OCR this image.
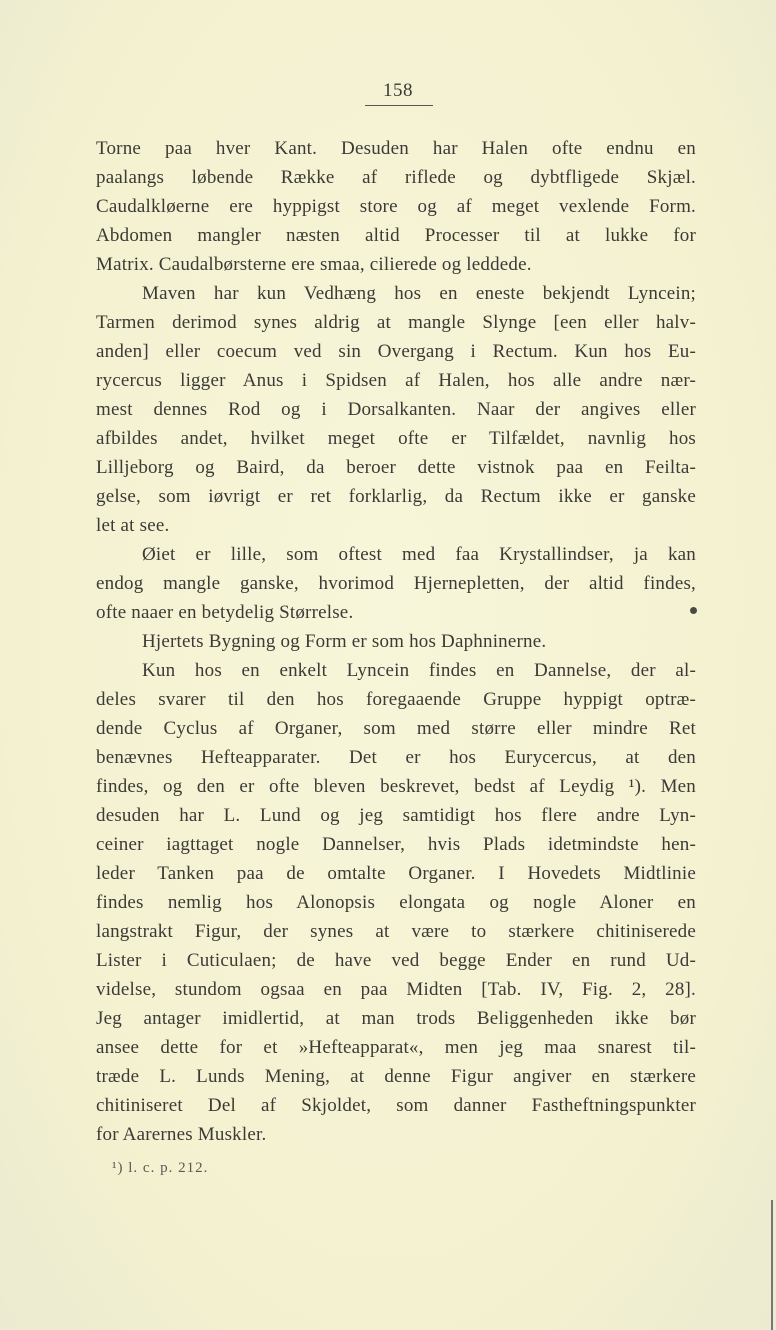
158
Torne paa hver Kant. Desuden har Halen ofte endnu en
paalangs løbende Række af riflede og dybtfligede Skjæl.
Caudalkløerne ere hyppigst store og af meget vexlende Form.
Abdomen mangler næsten altid Processer til at lukke for
Matrix. Caudalbørsterne ere smaa, cilierede og leddede.
Maven har kun Vedhæng hos en eneste bekjendt Lyncein;
Tarmen derimod synes aldrig at mangle Slynge [een eller halv-
anden] eller coecum ved sin Overgang i Rectum. Kun hos Eu-
rycercus ligger Anus i Spidsen af Halen, hos alle andre nær-
mest dennes Rod og i Dorsalkanten. Naar der angives eller
afbildes andet, hvilket meget ofte er Tilfældet, navnlig hos
Lilljeborg og Baird, da beroer dette vistnok paa en Feilta-
gelse, som iøvrigt er ret forklarlig, da Rectum ikke er ganske
let at see.
Øiet er lille, som oftest med faa Krystallindser, ja kan
endog mangle ganske, hvorimod Hjernepletten, der altid findes,
ofte naaer en betydelig Størrelse.
Hjertets Bygning og Form er som hos Daphninerne.
Kun hos en enkelt Lyncein findes en Dannelse, der al-
deles svarer til den hos foregaaende Gruppe hyppigt optræ-
dende Cyclus af Organer, som med større eller mindre Ret
benævnes Hefteapparater. Det er hos Eurycercus, at den
findes, og den er ofte bleven beskrevet, bedst af Leydig ¹). Men
desuden har L. Lund og jeg samtidigt hos flere andre Lyn-
ceiner iagttaget nogle Dannelser, hvis Plads idetmindste hen-
leder Tanken paa de omtalte Organer. I Hovedets Midtlinie
findes nemlig hos Alonopsis elongata og nogle Aloner en
langstrakt Figur, der synes at være to stærkere chitiniserede
Lister i Cuticulaen; de have ved begge Ender en rund Ud-
videlse, stundom ogsaa en paa Midten [Tab. IV, Fig. 2, 28].
Jeg antager imidlertid, at man trods Beliggenheden ikke bør
ansee dette for et »Hefteapparat«, men jeg maa snarest til-
træde L. Lunds Mening, at denne Figur angiver en stærkere
chitiniseret Del af Skjoldet, som danner Fastheftningspunkter
for Aarernes Muskler.
¹) l. c. p. 212.
